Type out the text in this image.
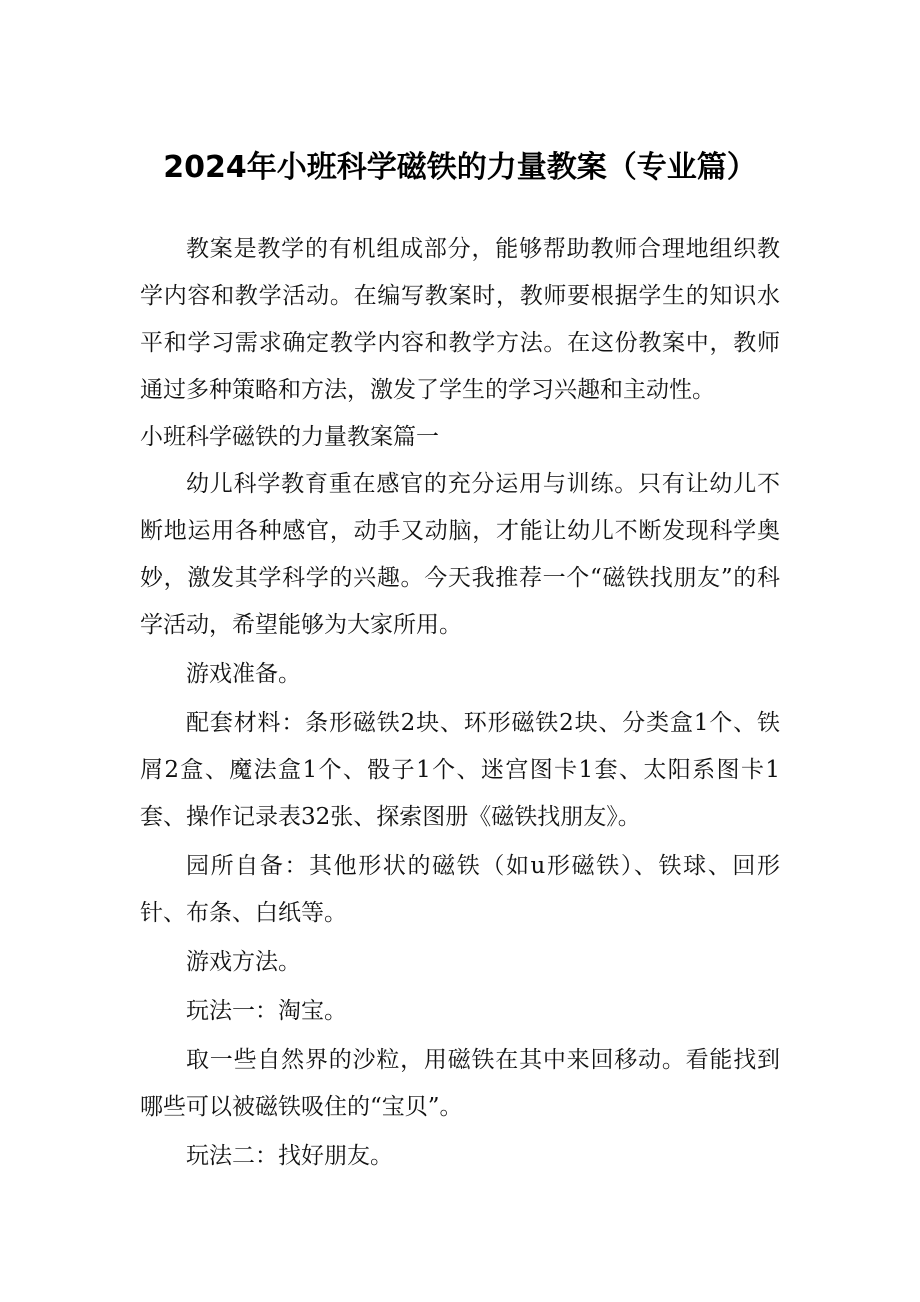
2024年小班科学磁铁的力量教案（专业篇）

教案是教学的有机组成部分，能够帮助教师合理地组织教学内容和教学活动。在编写教案时，教师要根据学生的知识水平和学习需求确定教学内容和教学方法。在这份教案中，教师通过多种策略和方法，激发了学生的学习兴趣和主动性。

小班科学磁铁的力量教案篇一

幼儿科学教育重在感官的充分运用与训练。只有让幼儿不断地运用各种感官，动手又动脑，才能让幼儿不断发现科学奥妙，激发其学科学的兴趣。今天我推荐一个“磁铁找朋友”的科学活动，希望能够为大家所用。

游戏准备。

配套材料：条形磁铁2块、环形磁铁2块、分类盒1个、铁屑2盒、魔法盒1个、骰子1个、迷宫图卡1套、太阳系图卡1套、操作记录表32张、探索图册《磁铁找朋友》。

园所自备：其他形状的磁铁（如u形磁铁）、铁球、回形针、布条、白纸等。

游戏方法。

玩法一：淘宝。

取一些自然界的沙粒，用磁铁在其中来回移动。看能找到哪些可以被磁铁吸住的“宝贝”。

玩法二：找好朋友。
